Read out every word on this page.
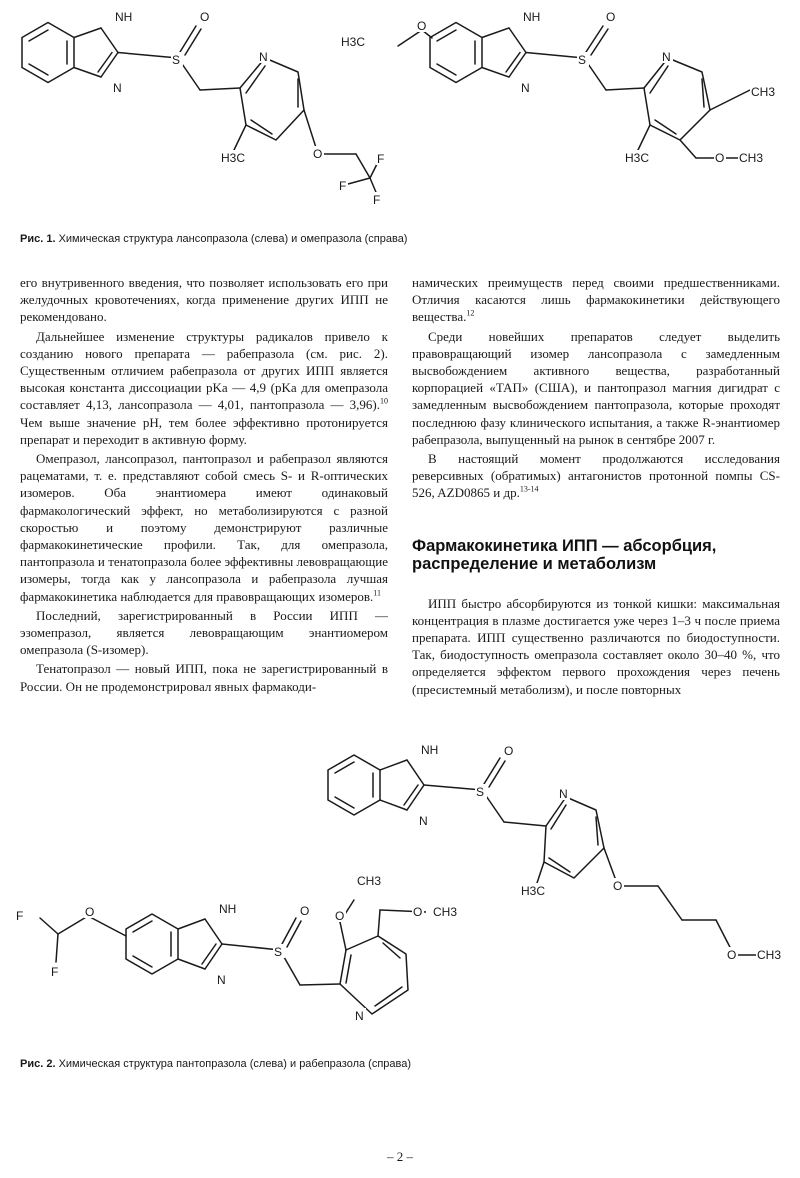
NH
N
S
O
N
H3C	O	F
F
F
H3C
O
NH
N
S
O
N
CH3
H3C	O CH3
Рис. 1. Химическая структура лансопразола (слева) и омепразола (справа)

его внутривенного введения, что позволяет использовать его при желудочных кровотечениях, когда применение других ИПП не рекомендовано.

Дальнейшее изменение структуры радикалов привело к созданию нового препарата — рабепразола (см. рис. 2). Существенным отличием рабепразола от других ИПП является высокая константа диссоциации pKa — 4,9 (pKa для омепразола составляет 4,13, лансопразола — 4,01, пантопразола — 3,96).$^{10}$ Чем выше значение pH, тем более эффективно протонируется препарат и переходит в активную форму.

Омепразол, лансопразол, пантопразол и рабепразол являются рацематами, т. е. представляют собой смесь S- и R-оптических изомеров. Оба энантиомера имеют одинаковый фармакологический эффект, но метаболизируются с разной скоростью и поэтому демонстрируют различные фармакокинетические профили. Так, для омепразола, пантопразола и тенатопразола более эффективны левовращающие изомеры, тогда как у лансопразола и рабепразола лучшая фармакокинетика наблюдается для правовращающих изомеров.$^{11}$

Последний, зарегистрированный в России ИПП — эзомепразол, является левовращающим энантиомером омепразола (S-изомер).

Тенатопразол — новый ИПП, пока не зарегистрированный в России. Он не продемонстрировал явных фармакоди-

намических преимуществ перед своими предшественниками. Отличия касаются лишь фармакокинетики действующего вещества.$^{12}$

Среди новейших препаратов следует выделить правовращающий изомер лансопразола с замедленным высвобождением активного вещества, разработанный корпорацией «ТАП» (США), и пантопразол магния дигидрат с замедленным высвобождением пантопразола, которые проходят последнюю фазу клинического испытания, а также R-энантиомер рабепразола, выпущенный на рынок в сентябре 2007 г.

В настоящий момент продолжаются исследования реверсивных (обратимых) антагонистов протонной помпы CS-526, AZD0865 и др.$^{13-14}$

Фармакокинетика ИПП — абсорбция, распределение и метаболизм

ИПП быстро абсорбируются из тонкой кишки: максимальная концентрация в плазме достигается уже через 1–3 ч после приема препарата. ИПП существенно различаются по биодоступности. Так, биодоступность омепразола составляет около 30–40 %, что определяется эффектом первого прохождения через печень (пресистемный метаболизм), и после повторных

NH
N
S
O
N
H3C	O
O CH3
F
F
O	NH
N
S
O O
CH3
O CH3
N
Рис. 2. Химическая структура пантопразола (слева) и рабепразола (справа)
– 2 –
